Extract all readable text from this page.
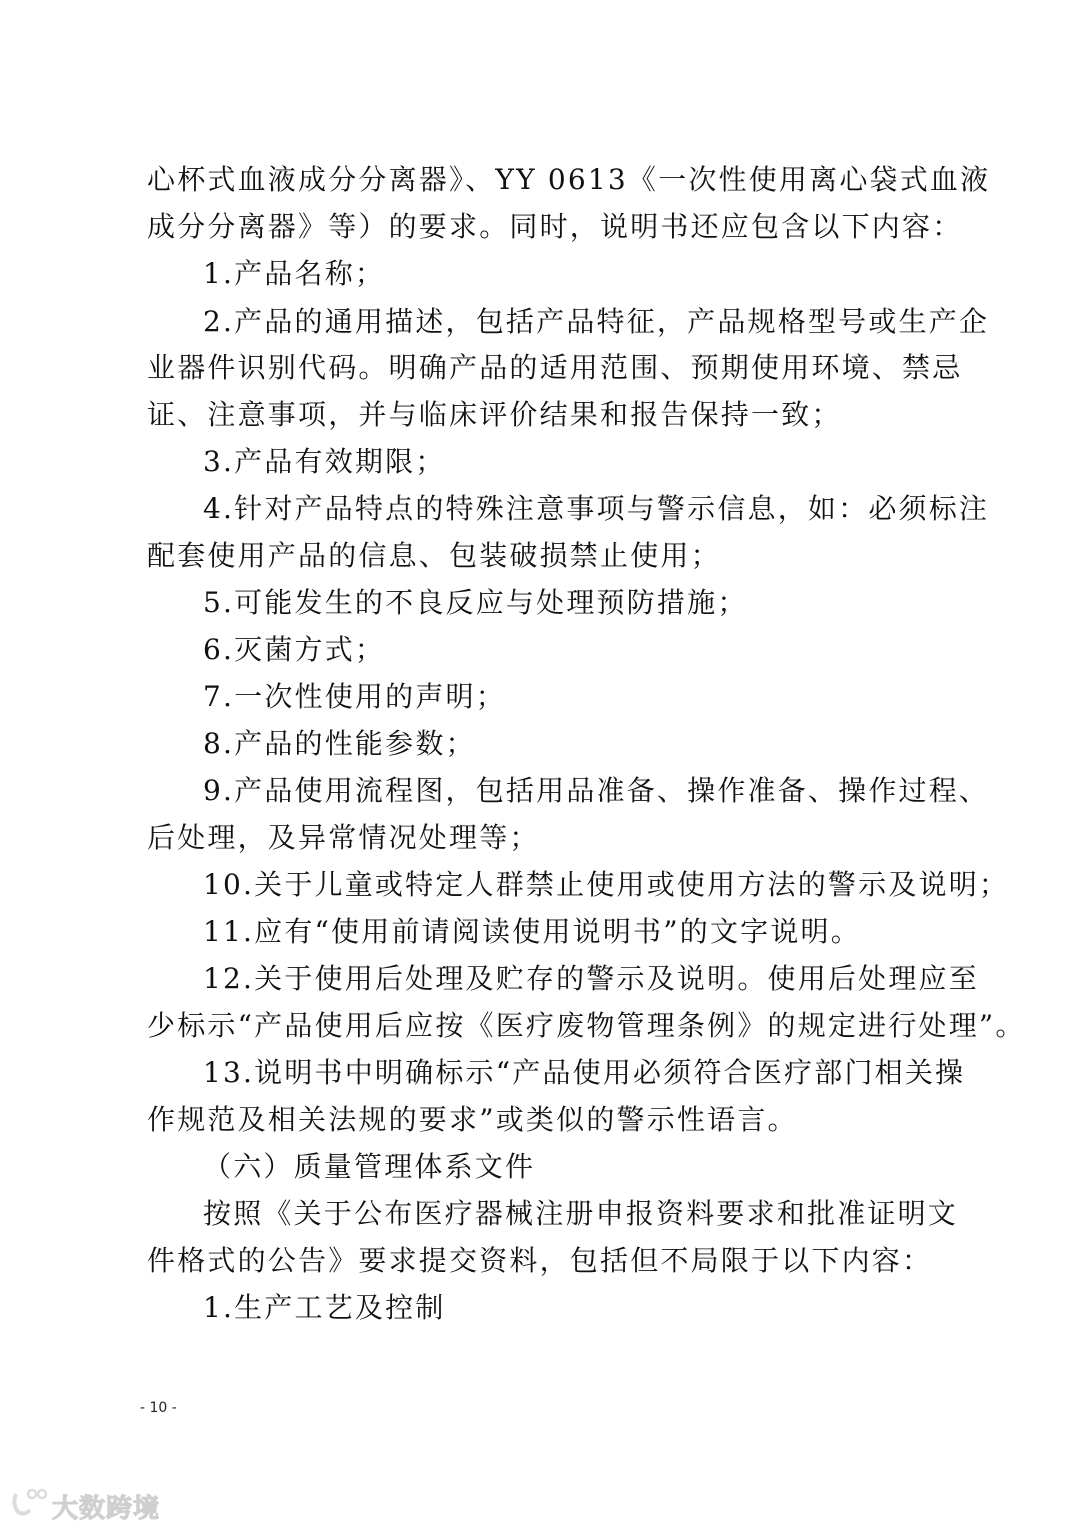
心杯式血液成分分离器》、YY 0613《一次性使用离心袋式血液
成分分离器》等）的要求。同时，说明书还应包含以下内容：
1.产品名称；
2.产品的通用描述，包括产品特征，产品规格型号或生产企
业器件识别代码。明确产品的适用范围、预期使用环境、禁忌
证、注意事项，并与临床评价结果和报告保持一致；
3.产品有效期限；
4.针对产品特点的特殊注意事项与警示信息，如：必须标注
配套使用产品的信息、包装破损禁止使用；
5.可能发生的不良反应与处理预防措施；
6.灭菌方式；
7.一次性使用的声明；
8.产品的性能参数；
9.产品使用流程图，包括用品准备、操作准备、操作过程、
后处理，及异常情况处理等；
10.关于儿童或特定人群禁止使用或使用方法的警示及说明；
11.应有“使用前请阅读使用说明书”的文字说明。
12.关于使用后处理及贮存的警示及说明。使用后处理应至
少标示“产品使用后应按《医疗废物管理条例》的规定进行处理”。
13.说明书中明确标示“产品使用必须符合医疗部门相关操
作规范及相关法规的要求”或类似的警示性语言。
（六）质量管理体系文件
按照《关于公布医疗器械注册申报资料要求和批准证明文
件格式的公告》要求提交资料，包括但不局限于以下内容：
1.生产工艺及控制
- 10 -
大数跨境
